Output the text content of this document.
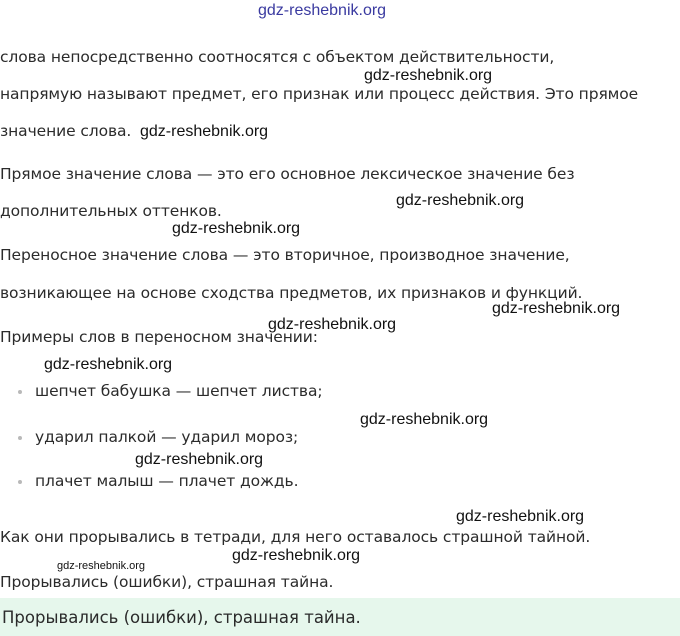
gdz-reshebnik.org

слова непосредственно соотносятся с объектом действительности,

gdz-reshebnik.org

напрямую называют предмет, его признак или процесс действия. Это прямое

значение слова. gdz-reshebnik.org

Прямое значение слова — это его основное лексическое значение без

gdz-reshebnik.org

дополнительных оттенков.

gdz-reshebnik.org

Переносное значение слова — это вторичное, производное значение,

возникающее на основе сходства предметов, их признаков и функций.

gdz-reshebnik.org
gdz-reshebnik.org

Примеры слов в переносном значении:

gdz-reshebnik.org

шепчет бабушка — шепчет листва;

gdz-reshebnik.org

ударил палкой — ударил мороз;

gdz-reshebnik.org

плачет малыш — плачет дождь.

gdz-reshebnik.org

Как они прорывались в тетради, для него оставалось страшной тайной.

gdz-reshebnik.org
gdz-reshebnik.org

Прорывались (ошибки), страшная тайна.

Прорывались (ошибки), страшная тайна.
